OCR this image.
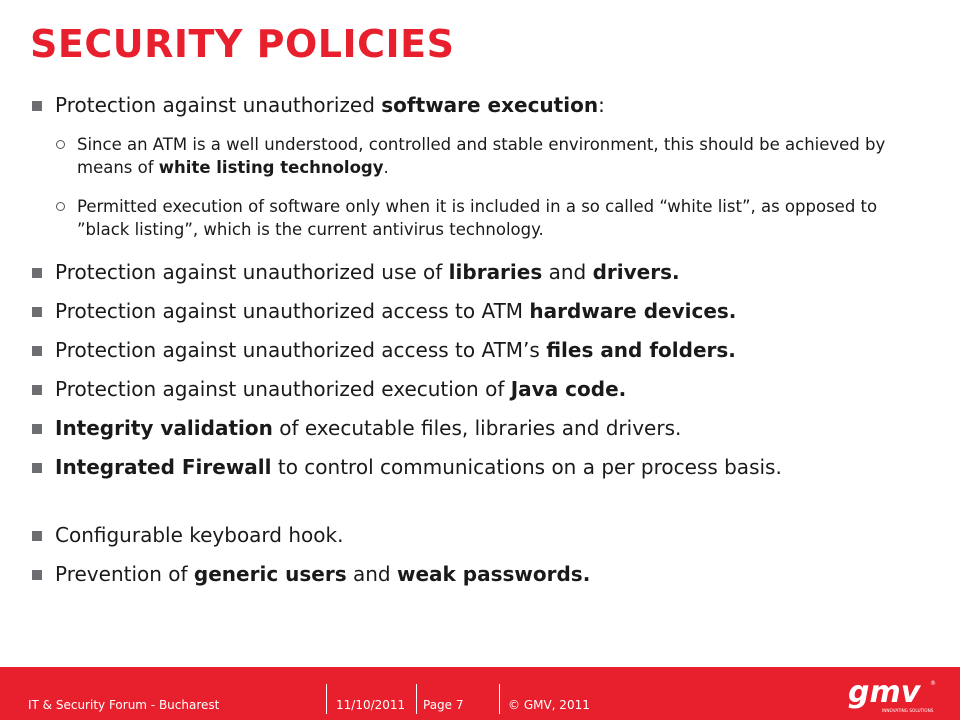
SECURITY POLICIES
Protection against unauthorized software execution:
Since an ATM is a well understood, controlled and stable environment, this should be achieved by means of white listing technology.
Permitted execution of software only when it is included in a so called “white list”, as opposed to ”black listing”, which is the current antivirus technology.
Protection against unauthorized use of libraries and drivers.
Protection against unauthorized access to ATM hardware devices.
Protection against unauthorized access to ATM’s files and folders.
Protection against unauthorized execution of Java code.
Integrity validation of executable files, libraries and drivers.
Integrated Firewall to control communications on a per process basis.
Configurable keyboard hook.
Prevention of generic users and weak passwords.
IT & Security Forum - Bucharest	11/10/2011 Page 7	© GMV, 2011	gmv ®
INNOVATING SOLUTIONS
